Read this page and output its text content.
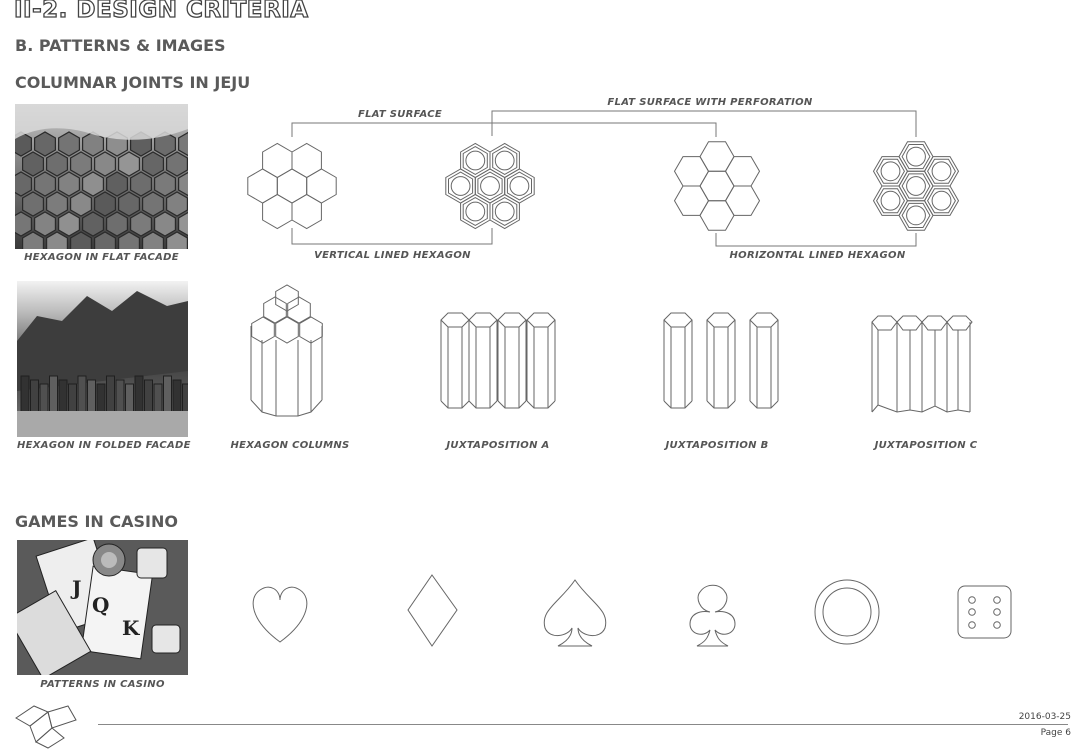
II-2. DESIGN CRITERIA
B. PATTERNS & IMAGES
COLUMNAR JOINTS IN JEJU
HEXAGON IN FLAT FACADE
HEXAGON IN FOLDED FACADE
FLAT SURFACE
FLAT SURFACE WITH PERFORATION
VERTICAL LINED HEXAGON	HORIZONTAL LINED HEXAGON
HEXAGON COLUMNS	JUXTAPOSITION A	JUXTAPOSITION B	JUXTAPOSITION C
GAMES IN CASINO
J
K
Q
PATTERNS IN CASINO
2016-03-25
Page 6
